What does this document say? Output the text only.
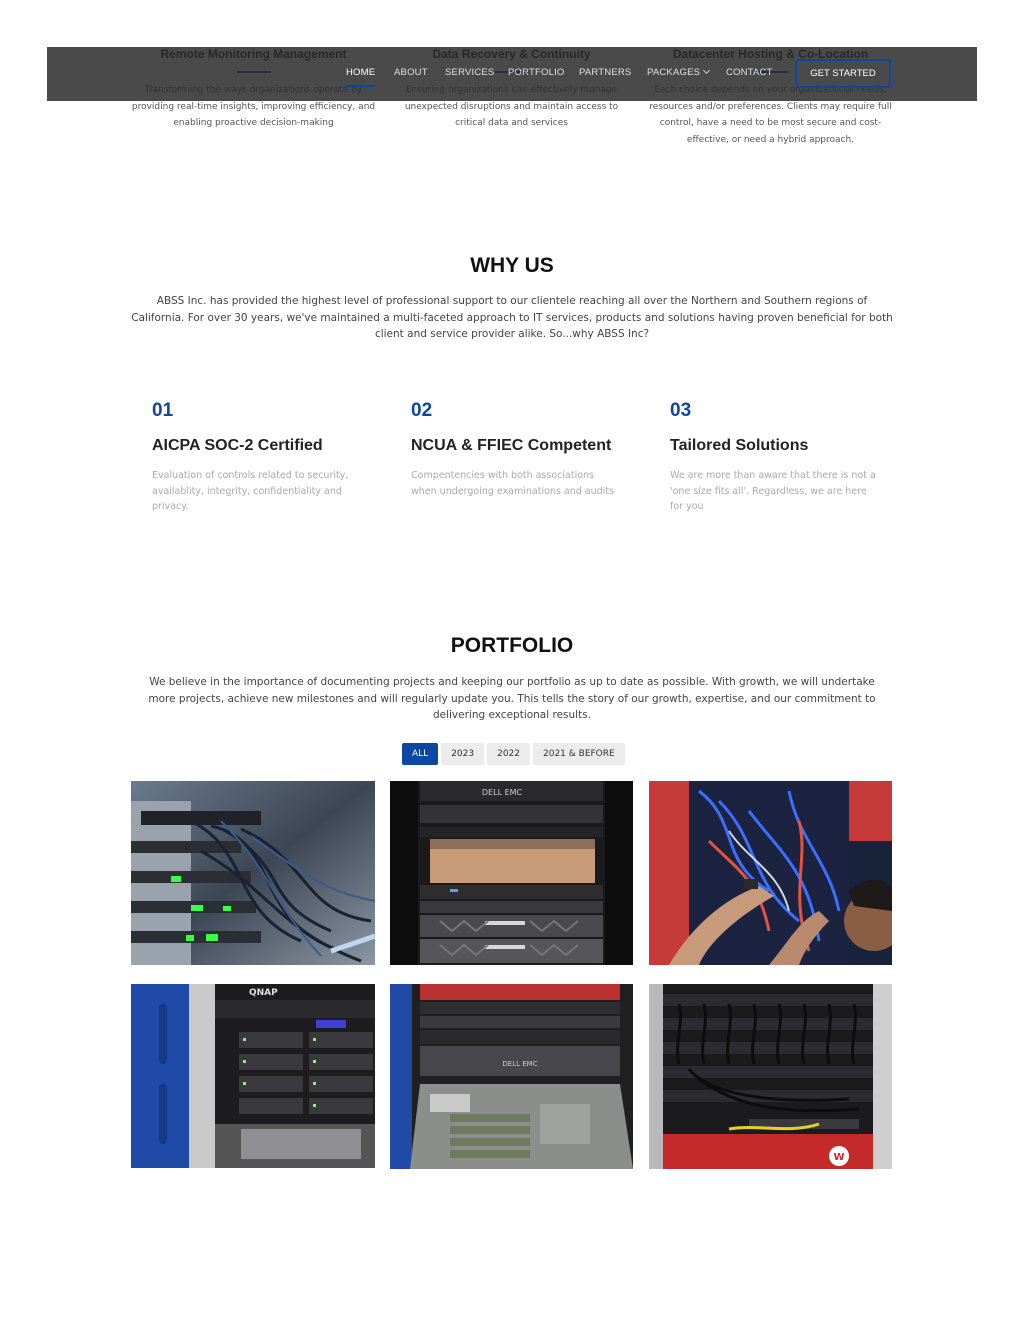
providing real-time insights, improving efficiency, and enabling proactive decision-making

unexpected disruptions and maintain access to critical data and services

resources and/or preferences. Clients may require full control, have a need to be most secure and cost-effective, or need a hybrid approach.

HOME ABOUT SERVICES PORTFOLIO PARTNERS PACKAGES	CONTACT	GET STARTED
WHY US

ABSS Inc. has provided the highest level of professional support to our clientele reaching all over the Northern and Southern regions of California. For over 30 years, we've maintained a multi-faceted approach to IT services, products and solutions having proven beneficial for both client and service provider alike. So...why ABSS Inc?

01
AICPA SOC-2 Certified

Evaluation of controls related to security, availablity, integrity, confidentiality and privacy.

02
NCUA & FFIEC Competent

Compentencies with both associations when undergoing examinations and audits

03
Tailored Solutions

We are more than aware that there is not a 'one size fits all'. Regardless, we are here for you

PORTFOLIO

We believe in the importance of documenting projects and keeping our portfolio as up to date as possible. With growth, we will undertake more projects, achieve new milestones and will regularly update you. This tells the story of our growth, expertise, and our commitment to delivering exceptional results.

ALL	2023	2022	2021 & BEFORE
DELL EMC
QNAP
DELL EMC
W
